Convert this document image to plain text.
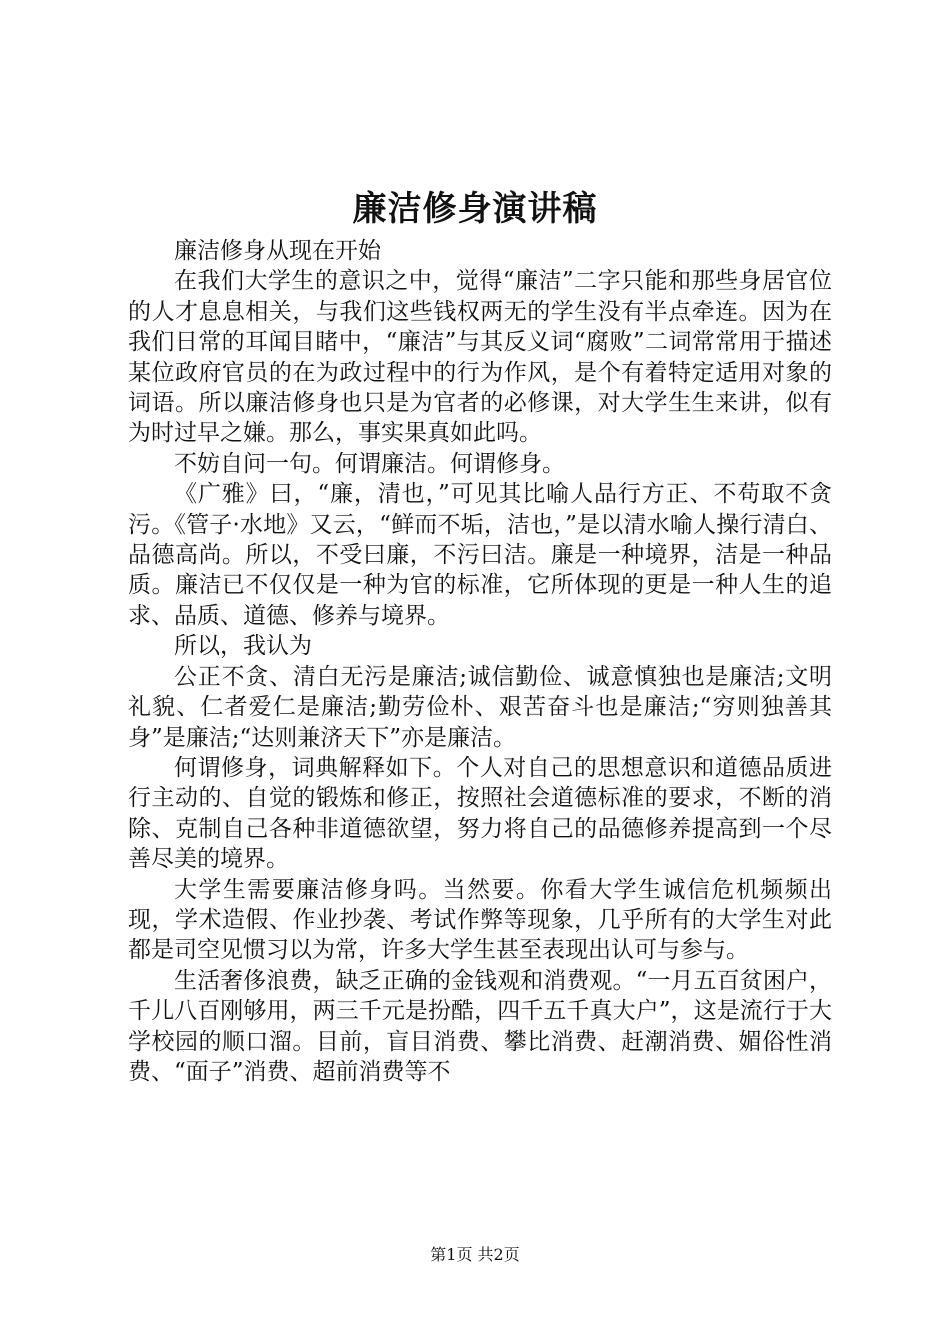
廉洁修身演讲稿

廉洁修身从现在开始

在我们大学生的意识之中，觉得“廉洁”二字只能和那些身居官位的人才息息相关，与我们这些钱权两无的学生没有半点牵连。因为在我们日常的耳闻目睹中，“廉洁”与其反义词“腐败”二词常常用于描述某位政府官员的在为政过程中的行为作风，是个有着特定适用对象的词语。所以廉洁修身也只是为官者的必修课，对大学生生来讲，似有为时过早之嫌。那么，事实果真如此吗。

不妨自问一句。何谓廉洁。何谓修身。

《广雅》曰，“廉，清也，”可见其比喻人品行方正、不苟取不贪污。《管子·水地》又云，“鲜而不垢，洁也，”是以清水喻人操行清白、品德高尚。所以，不受曰廉，不污曰洁。廉是一种境界，洁是一种品质。廉洁已不仅仅是一种为官的标准，它所体现的更是一种人生的追求、品质、道德、修养与境界。

所以，我认为

公正不贪、清白无污是廉洁;诚信勤俭、诚意慎独也是廉洁;文明礼貌、仁者爱仁是廉洁;勤劳俭朴、艰苦奋斗也是廉洁;“穷则独善其身”是廉洁;“达则兼济天下”亦是廉洁。

何谓修身，词典解释如下。个人对自己的思想意识和道德品质进行主动的、自觉的锻炼和修正，按照社会道德标准的要求，不断的消除、克制自己各种非道德欲望，努力将自己的品德修养提高到一个尽善尽美的境界。

大学生需要廉洁修身吗。当然要。你看大学生诚信危机频频出现，学术造假、作业抄袭、考试作弊等现象，几乎所有的大学生对此都是司空见惯习以为常，许多大学生甚至表现出认可与参与。

生活奢侈浪费，缺乏正确的金钱观和消费观。“一月五百贫困户，千儿八百刚够用，两三千元是扮酷，四千五千真大户”，这是流行于大学校园的顺口溜。目前，盲目消费、攀比消费、赶潮消费、媚俗性消费、“面子”消费、超前消费等不

第1页 共2页
